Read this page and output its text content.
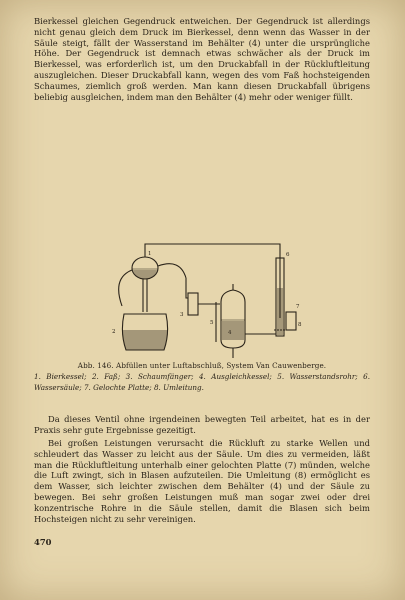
Bierkessel gleichen Gegendruck entweichen. Der Gegendruck ist allerdings nicht genau gleich dem Druck im Bierkessel, denn wenn das Wasser in der Säule steigt, fällt der Wasserstand im Behälter (4) unter die ursprüngliche Höhe. Der Gegendruck ist demnach etwas schwächer als der Druck im Bierkessel, was erforderlich ist, um den Druckabfall in der Rückluftleitung auszugleichen. Dieser Druckabfall kann, wegen des vom Faß hochsteigenden Schaumes, ziemlich groß werden. Man kann diesen Druckabfall übrigens beliebig ausgleichen, indem man den Behälter (4) mehr oder weniger füllt.

1
2
3
4
5
6
7
8
Abb. 146. Abfüllen unter Luftabschluß, System Van Cauwenberge.
1. Bierkessel; 2. Faß; 3. Schaumfänger; 4. Ausgleichkessel; 5. Wasserstandsrohr; 6. Wassersäule; 7. Gelochte Platte; 8. Umleitung.

Da dieses Ventil ohne irgendeinen bewegten Teil arbeitet, hat es in der Praxis sehr gute Ergebnisse gezeitigt.

Bei großen Leistungen verursacht die Rückluft zu starke Wellen und schleudert das Wasser zu leicht aus der Säule. Um dies zu vermeiden, läßt man die Rückluftleitung unterhalb einer gelochten Platte (7) münden, welche die Luft zwingt, sich in Blasen aufzuteilen. Die Umleitung (8) ermöglicht es dem Wasser, sich leichter zwischen dem Behälter (4) und der Säule zu bewegen. Bei sehr großen Leistungen muß man sogar zwei oder drei konzentrische Rohre in die Säule stellen, damit die Blasen sich beim Hochsteigen nicht zu sehr vereinigen.

470
